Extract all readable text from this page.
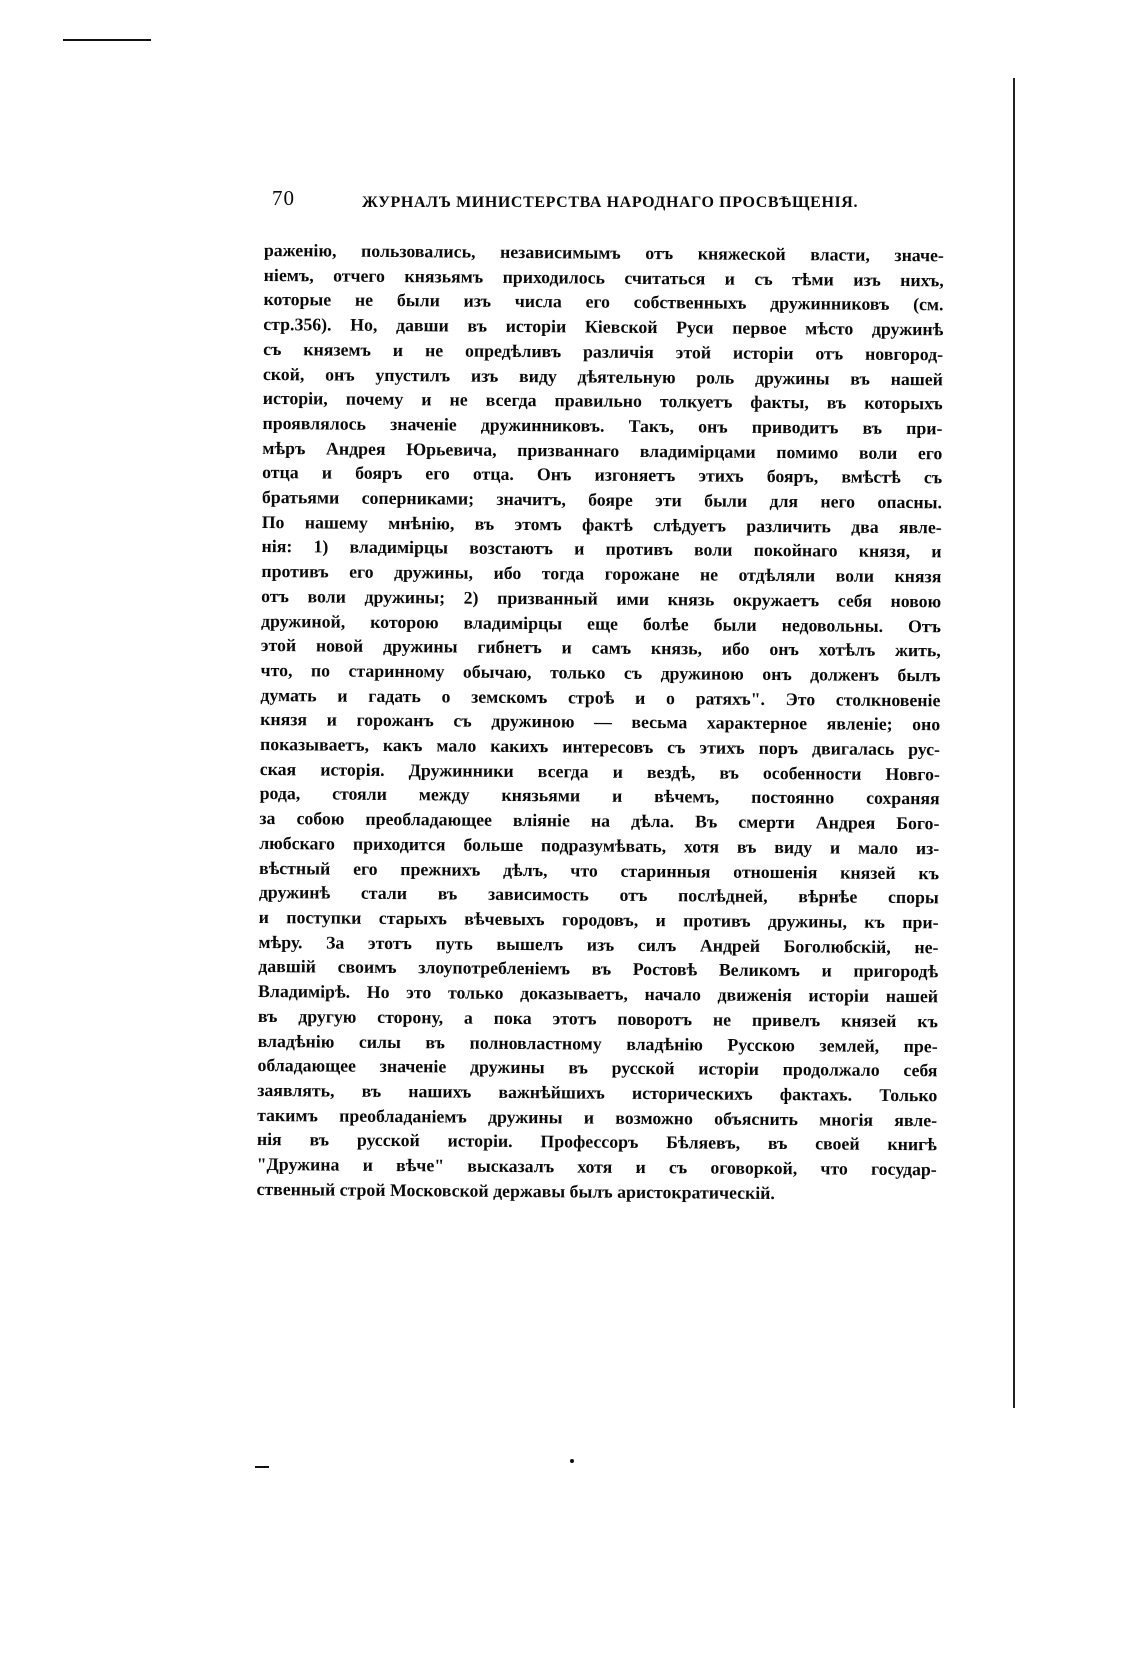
70	ЖУРНАЛЪ МИНИСТЕРСТВА НАРОДНАГО ПРОСВѢЩЕНІЯ.
раженію, пользовались, независимымъ отъ княжеской власти, значе-
ніемъ, отчего князьямъ приходилось считаться и съ тѣми изъ нихъ,
которые не были изъ числа его собственныхъ дружинниковъ (см.
стр.356). Но, давши въ исторіи Кіевской Руси первое мѣсто дружинѣ
съ княземъ и не опредѣливъ различія этой исторіи отъ новгород-
ской, онъ упустилъ изъ виду дѣятельную роль дружины въ нашей
исторіи, почему и не всегда правильно толкуетъ факты, въ которыхъ
проявлялось значеніе дружинниковъ. Такъ, онъ приводитъ въ при-
мѣръ Андрея Юрьевича, призваннаго владимірцами помимо воли его
отца и бояръ его отца. Онъ изгоняетъ этихъ бояръ, вмѣстѣ съ
братьями соперниками; значитъ, бояре эти были для него опасны.
По нашему мнѣнію, въ этомъ фактѣ слѣдуетъ различить два явле-
нія: 1) владимірцы возстаютъ и противъ воли покойнаго князя, и
противъ его дружины, ибо тогда горожане не отдѣляли воли князя
отъ воли дружины; 2) призванный ими князь окружаетъ себя новою
дружиной, которою владимірцы еще болѣе были недовольны. Отъ
этой новой дружины гибнетъ и самъ князь, ибо онъ хотѣлъ жить,
что, по старинному обычаю, только съ дружиною онъ долженъ былъ
думать и гадать о земскомъ строѣ и о ратяхъ". Это столкновеніе
князя и горожанъ съ дружиною — весьма характерное явленіе; оно
показываетъ, какъ мало какихъ интересовъ съ этихъ поръ двигалась рус-
ская исторія. Дружинники всегда и вездѣ, въ особенности Новго-
рода, стояли между князьями и вѣчемъ, постоянно сохраняя
за собою преобладающее вліяніе на дѣла. Въ смерти Андрея Бого-
любскаго приходится больше подразумѣвать, хотя въ виду и мало из-
вѣстный его прежнихъ дѣлъ, что старинныя отношенія князей къ
дружинѣ стали въ зависимость отъ послѣдней, вѣрнѣе споры
и поступки старыхъ вѣчевыхъ городовъ, и противъ дружины, къ при-
мѣру. За этотъ путь вышелъ изъ силъ Андрей Боголюбскій, не-
давшій своимъ злоупотребленіемъ въ Ростовѣ Великомъ и пригородѣ
Владимірѣ. Но это только доказываетъ, начало движенія исторіи нашей
въ другую сторону, а пока этотъ поворотъ не привелъ князей къ
владѣнію силы въ полновластному владѣнію Русскою землей, пре-
обладающее значеніе дружины въ русской исторіи продолжало себя
заявлять, въ нашихъ важнѣйшихъ историческихъ фактахъ. Только
такимъ преобладаніемъ дружины и возможно объяснить многія явле-
нія въ русской исторіи. Профессоръ Бѣляевъ, въ своей книгѣ
"Дружина и вѣче" высказалъ хотя и съ оговоркой, что государ-
ственный строй Московской державы былъ аристократическій.
